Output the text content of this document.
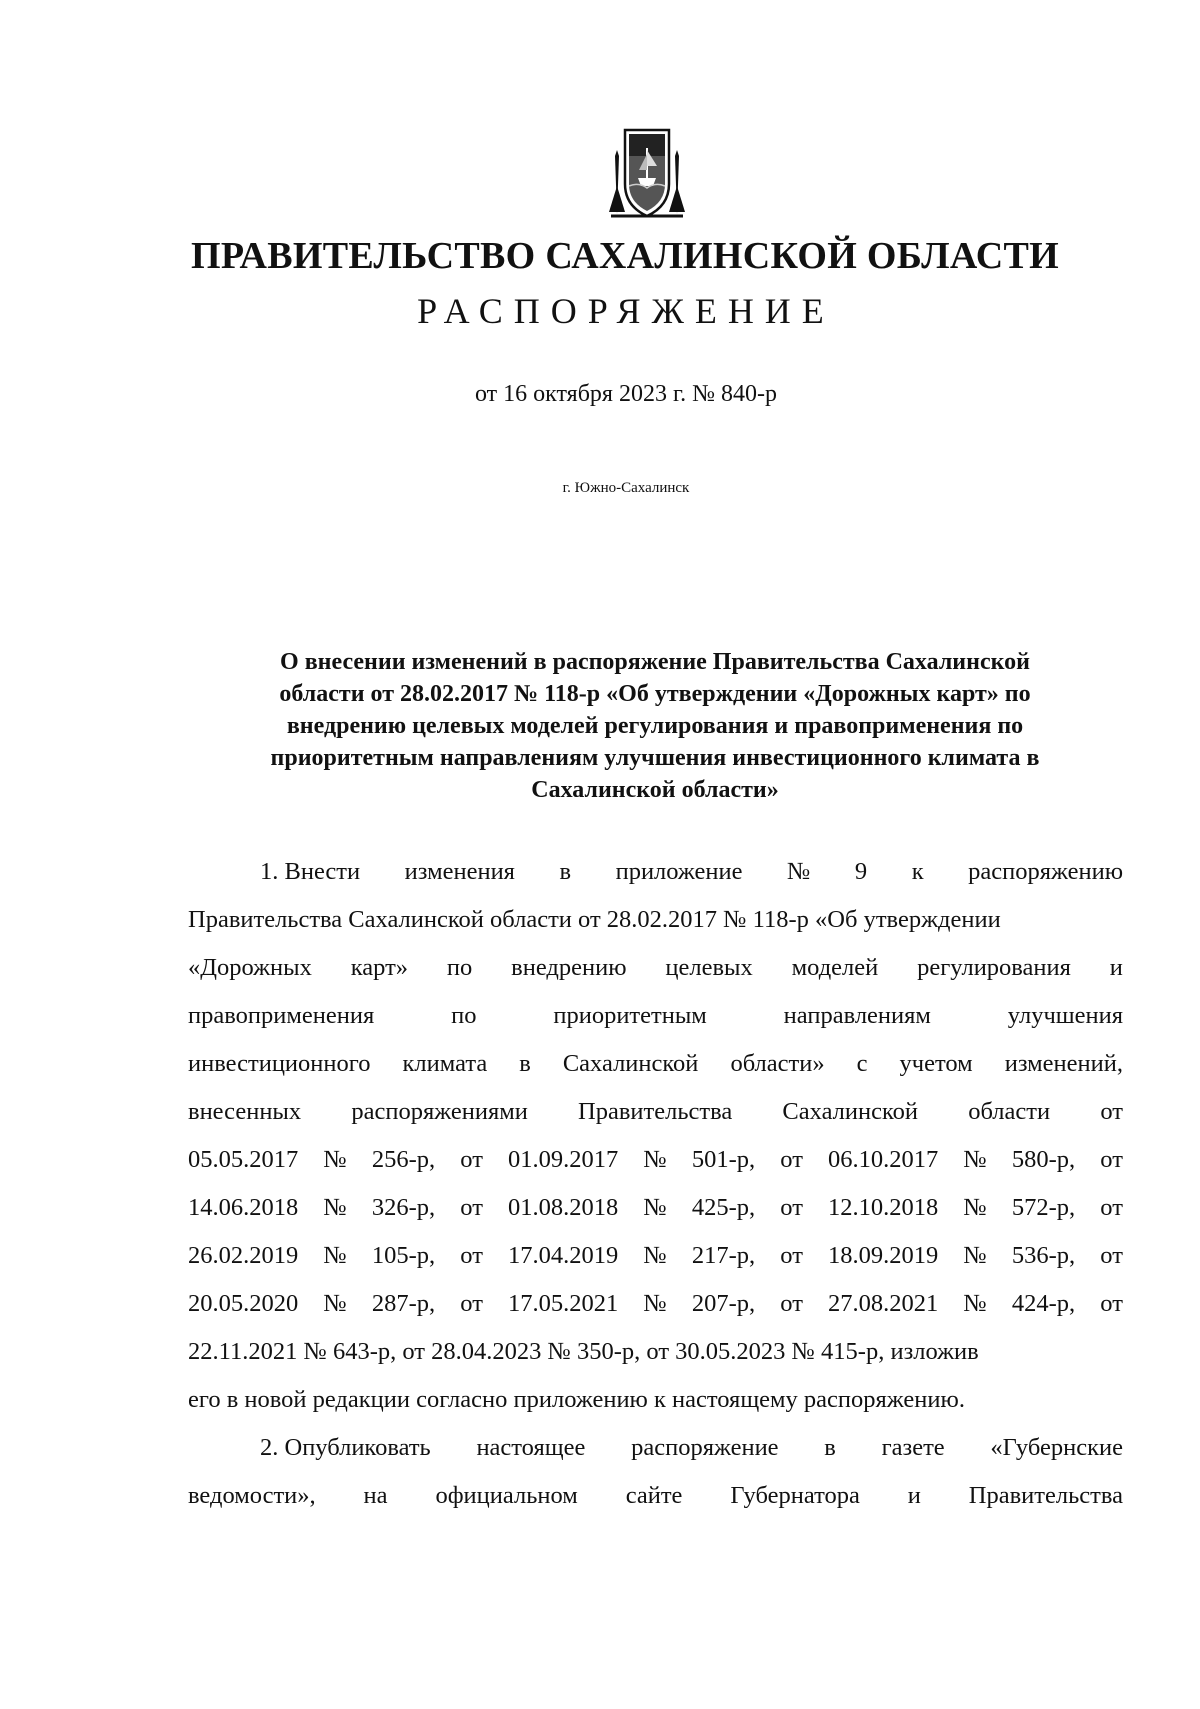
ПРАВИТЕЛЬСТВО САХАЛИНСКОЙ ОБЛАСТИ
РАСПОРЯЖЕНИЕ
от 16 октября 2023 г. № 840-р
г. Южно-Сахалинск
О внесении изменений в распоряжение Правительства Сахалинской
области от 28.02.2017 № 118-р «Об утверждении «Дорожных карт» по
внедрению целевых моделей регулирования и правоприменения по
приоритетным направлениям улучшения инвестиционного климата в
Сахалинской области»
1. Внести изменения в приложение № 9 к распоряжению
Правительства Сахалинской области от 28.02.2017 № 118-р «Об утверждении
«Дорожных карт» по внедрению целевых моделей регулирования и
правоприменения	по	приоритетным	направлениям	улучшения
инвестиционного климата в Сахалинской области» с учетом изменений,
внесенных распоряжениями Правительства Сахалинской области от
05.05.2017 № 256-р, от 01.09.2017 № 501-р, от 06.10.2017 № 580-р, от
14.06.2018 № 326-р, от 01.08.2018 № 425-р, от 12.10.2018 № 572-р, от
26.02.2019 № 105-р, от 17.04.2019 № 217-р, от 18.09.2019 № 536-р, от
20.05.2020 № 287-р, от 17.05.2021 № 207-р, от 27.08.2021 № 424-р, от
22.11.2021 № 643-р, от 28.04.2023 № 350-р, от 30.05.2023 № 415-р, изложив
его в новой редакции согласно приложению к настоящему распоряжению.
2. Опубликовать настоящее распоряжение в газете «Губернские
ведомости», на официальном сайте Губернатора и Правительства
